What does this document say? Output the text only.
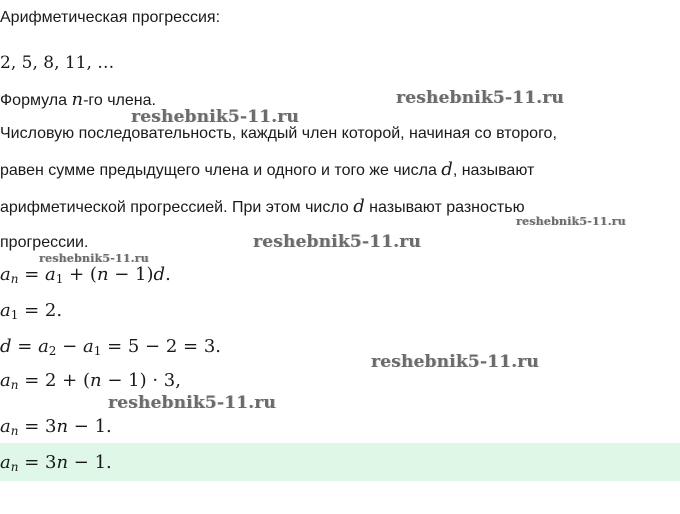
Арифметическая прогрессия:
2, 5, 8, 11, …
Формула n-го члена.
Числовую последовательность, каждый член которой, начиная со второго,
равен сумме предыдущего члена и одного и того же числа d, называют
арифметической прогрессией. При этом число d называют разностью
прогрессии.
$a_n = a_1 + (n - 1)d$.
$a_1 = 2$.
$d = a_2 - a_1 = 5 - 2 = 3$.
$a_n = 2 + (n - 1) \cdot 3$,
$a_n = 3n - 1$.
$a_n = 3n - 1$.
reshebnik5-11.ru
reshebnik5-11.ru
reshebnik5-11.ru
reshebnik5-11.ru
reshebnik5-11.ru
reshebnik5-11.ru
reshebnik5-11.ru
